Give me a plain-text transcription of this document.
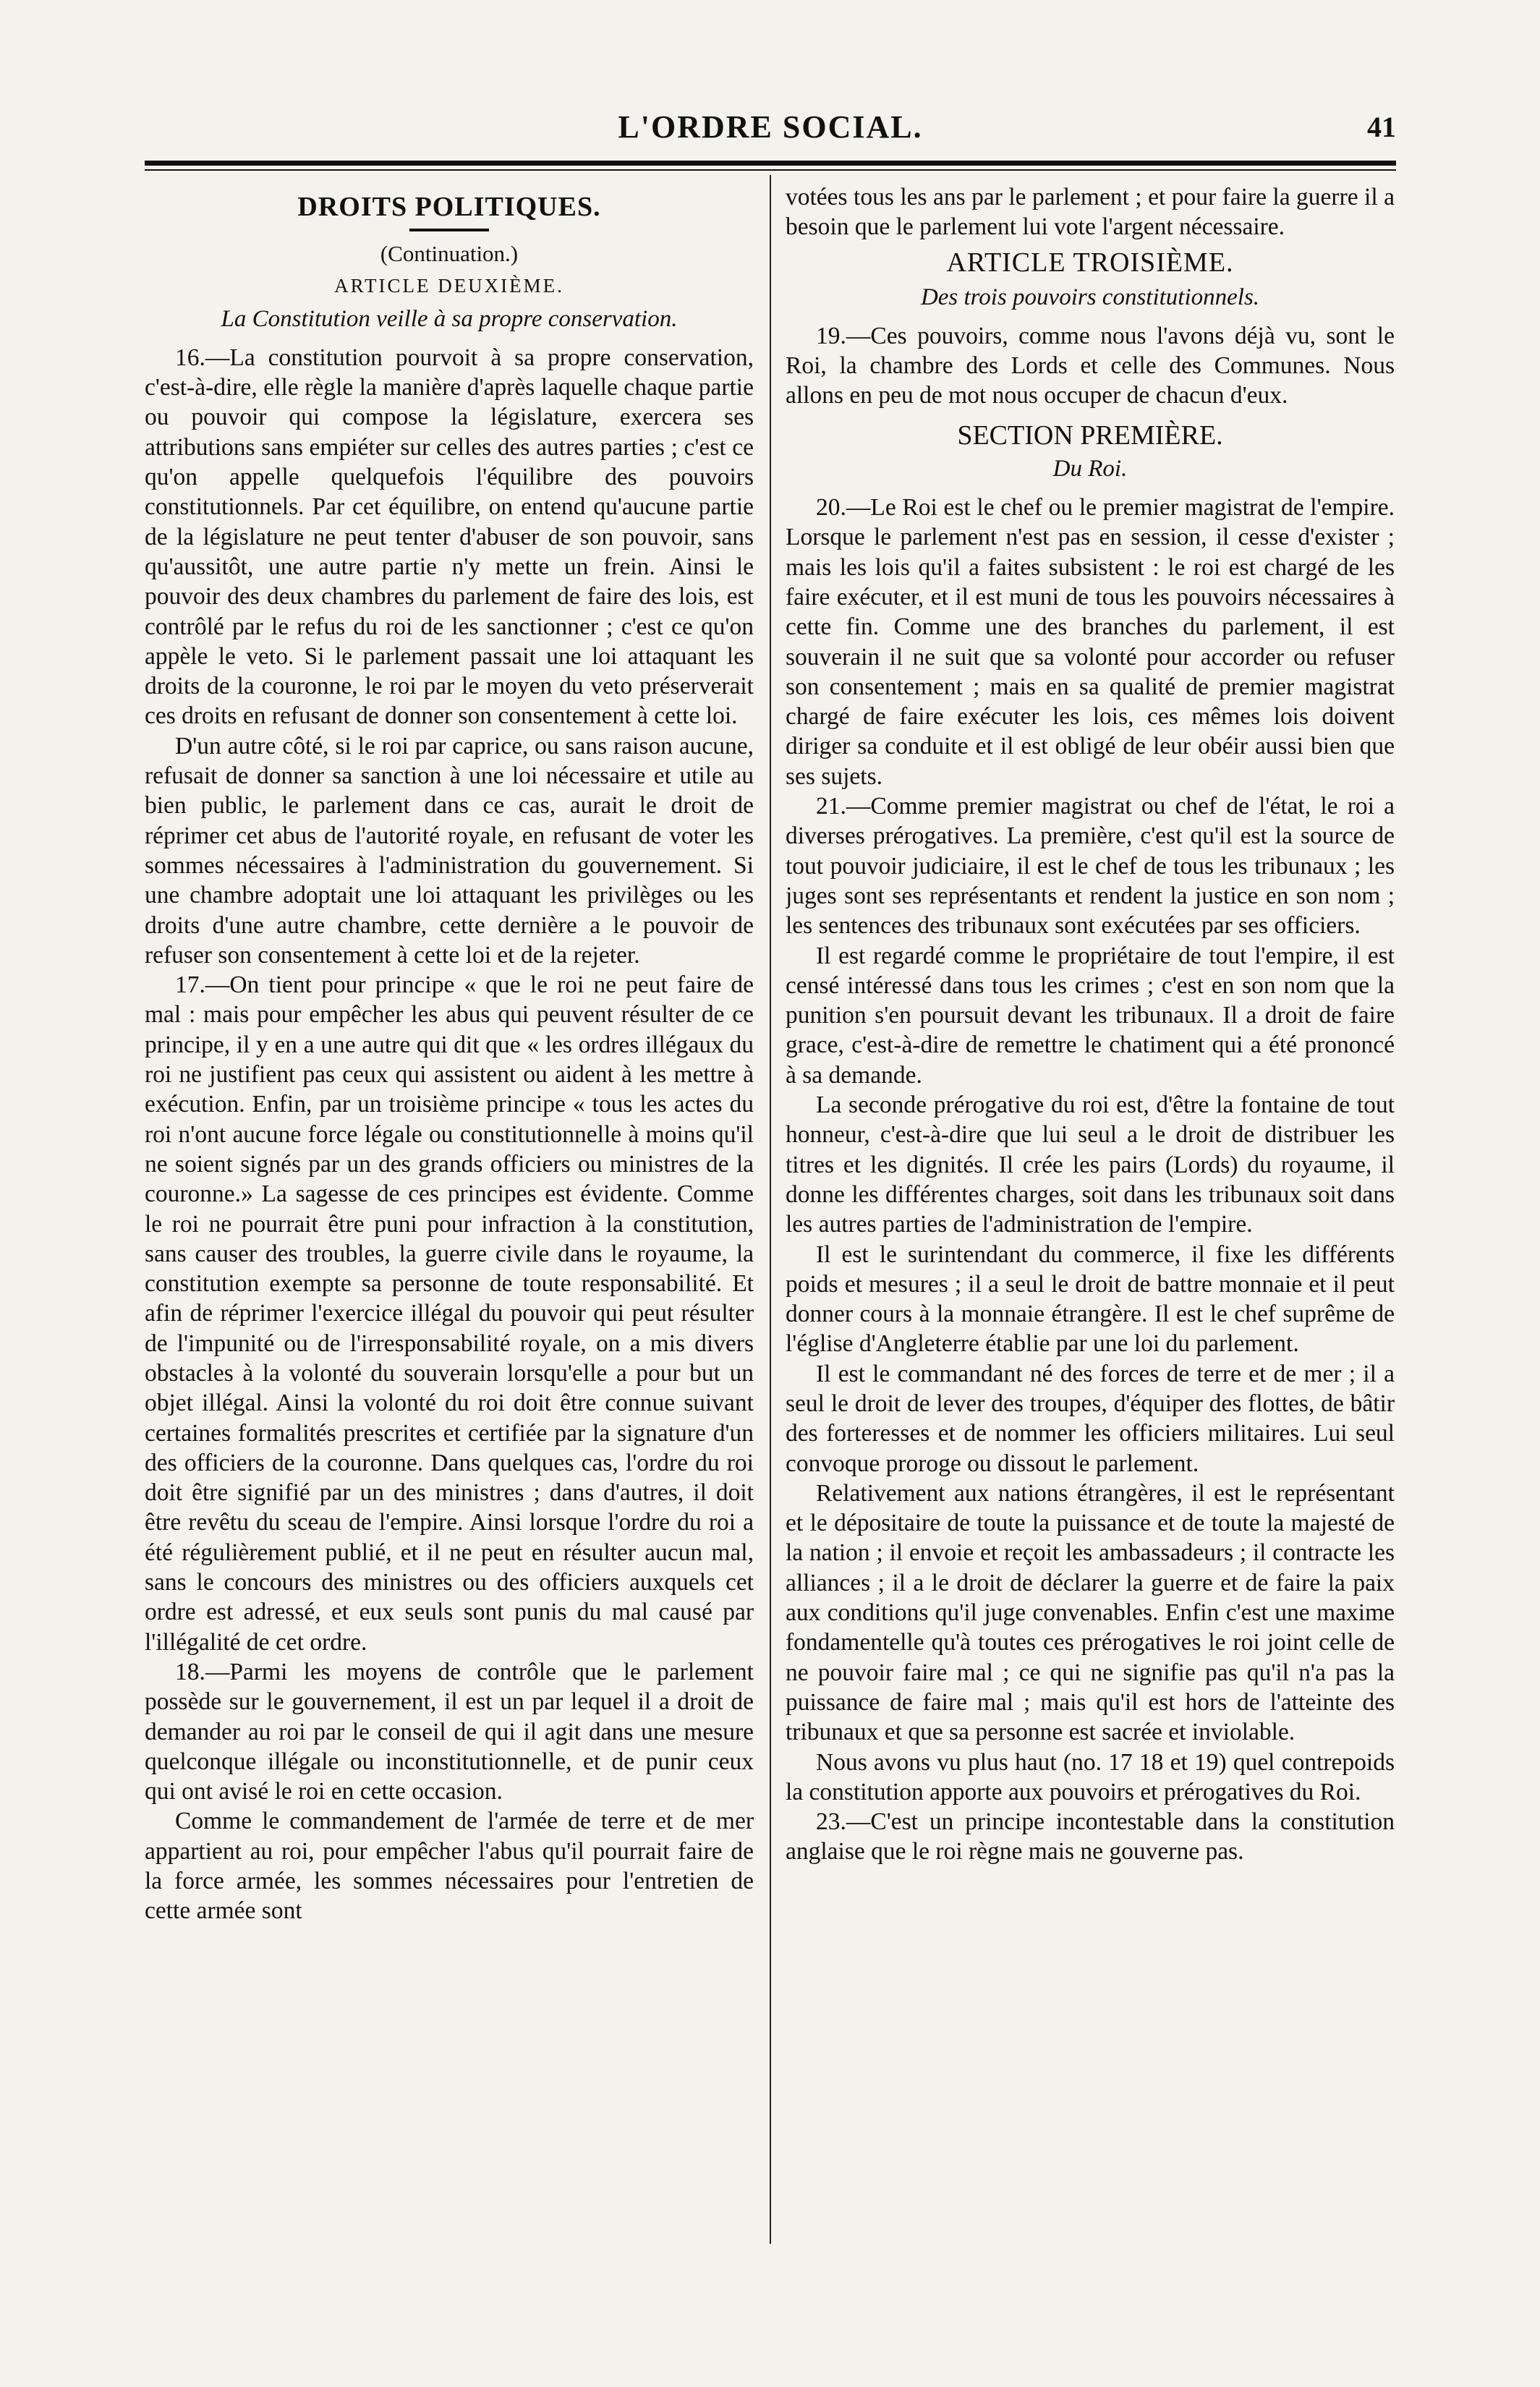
L'ORDRE SOCIAL.	41
DROITS POLITIQUES.

(Continuation.)

ARTICLE DEUXIÈME.

La Constitution veille à sa propre conservation.

16.—La constitution pourvoit à sa propre conservation, c'est-à-dire, elle règle la manière d'après laquelle chaque partie ou pouvoir qui compose la législature, exercera ses attributions sans empiéter sur celles des autres parties ; c'est ce qu'on appelle quelquefois l'équilibre des pouvoirs constitutionnels. Par cet équilibre, on entend qu'aucune partie de la législature ne peut tenter d'abuser de son pouvoir, sans qu'aussitôt, une autre partie n'y mette un frein. Ainsi le pouvoir des deux chambres du parlement de faire des lois, est contrôlé par le refus du roi de les sanctionner ; c'est ce qu'on appèle le veto. Si le parlement passait une loi attaquant les droits de la couronne, le roi par le moyen du veto préserverait ces droits en refusant de donner son consentement à cette loi.

D'un autre côté, si le roi par caprice, ou sans raison aucune, refusait de donner sa sanction à une loi nécessaire et utile au bien public, le parlement dans ce cas, aurait le droit de réprimer cet abus de l'autorité royale, en refusant de voter les sommes nécessaires à l'administration du gouvernement. Si une chambre adoptait une loi attaquant les privilèges ou les droits d'une autre chambre, cette dernière a le pouvoir de refuser son consentement à cette loi et de la rejeter.

17.—On tient pour principe « que le roi ne peut faire de mal : mais pour empêcher les abus qui peuvent résulter de ce principe, il y en a une autre qui dit que « les ordres illégaux du roi ne justifient pas ceux qui assistent ou aident à les mettre à exécution. Enfin, par un troisième principe « tous les actes du roi n'ont aucune force légale ou constitutionnelle à moins qu'il ne soient signés par un des grands officiers ou ministres de la couronne.» La sagesse de ces principes est évidente. Comme le roi ne pourrait être puni pour infraction à la constitution, sans causer des troubles, la guerre civile dans le royaume, la constitution exempte sa personne de toute responsabilité. Et afin de réprimer l'exercice illégal du pouvoir qui peut résulter de l'impunité ou de l'irresponsabilité royale, on a mis divers obstacles à la volonté du souverain lorsqu'elle a pour but un objet illégal. Ainsi la volonté du roi doit être connue suivant certaines formalités prescrites et certifiée par la signature d'un des officiers de la couronne. Dans quelques cas, l'ordre du roi doit être signifié par un des ministres ; dans d'autres, il doit être revêtu du sceau de l'empire. Ainsi lorsque l'ordre du roi a été régulièrement publié, et il ne peut en résulter aucun mal, sans le concours des ministres ou des officiers auxquels cet ordre est adressé, et eux seuls sont punis du mal causé par l'illégalité de cet ordre.

18.—Parmi les moyens de contrôle que le parlement possède sur le gouvernement, il est un par lequel il a droit de demander au roi par le conseil de qui il agit dans une mesure quelconque illégale ou inconstitutionnelle, et de punir ceux qui ont avisé le roi en cette occasion.

Comme le commandement de l'armée de terre et de mer appartient au roi, pour empêcher l'abus qu'il pourrait faire de la force armée, les sommes nécessaires pour l'entretien de cette armée sont

votées tous les ans par le parlement ; et pour faire la guerre il a besoin que le parlement lui vote l'argent nécessaire.

ARTICLE TROISIÈME.

Des trois pouvoirs constitutionnels.

19.—Ces pouvoirs, comme nous l'avons déjà vu, sont le Roi, la chambre des Lords et celle des Communes. Nous allons en peu de mot nous occuper de chacun d'eux.

SECTION PREMIÈRE.

Du Roi.

20.—Le Roi est le chef ou le premier magistrat de l'empire. Lorsque le parlement n'est pas en session, il cesse d'exister ; mais les lois qu'il a faites subsistent : le roi est chargé de les faire exécuter, et il est muni de tous les pouvoirs nécessaires à cette fin. Comme une des branches du parlement, il est souverain il ne suit que sa volonté pour accorder ou refuser son consentement ; mais en sa qualité de premier magistrat chargé de faire exécuter les lois, ces mêmes lois doivent diriger sa conduite et il est obligé de leur obéir aussi bien que ses sujets.

21.—Comme premier magistrat ou chef de l'état, le roi a diverses prérogatives. La première, c'est qu'il est la source de tout pouvoir judiciaire, il est le chef de tous les tribunaux ; les juges sont ses représentants et rendent la justice en son nom ; les sentences des tribunaux sont exécutées par ses officiers.

Il est regardé comme le propriétaire de tout l'empire, il est censé intéressé dans tous les crimes ; c'est en son nom que la punition s'en poursuit devant les tribunaux. Il a droit de faire grace, c'est-à-dire de remettre le chatiment qui a été prononcé à sa demande.

La seconde prérogative du roi est, d'être la fontaine de tout honneur, c'est-à-dire que lui seul a le droit de distribuer les titres et les dignités. Il crée les pairs (Lords) du royaume, il donne les différentes charges, soit dans les tribunaux soit dans les autres parties de l'administration de l'empire.

Il est le surintendant du commerce, il fixe les différents poids et mesures ; il a seul le droit de battre monnaie et il peut donner cours à la monnaie étrangère. Il est le chef suprême de l'église d'Angleterre établie par une loi du parlement.

Il est le commandant né des forces de terre et de mer ; il a seul le droit de lever des troupes, d'équiper des flottes, de bâtir des forteresses et de nommer les officiers militaires. Lui seul convoque proroge ou dissout le parlement.

Relativement aux nations étrangères, il est le représentant et le dépositaire de toute la puissance et de toute la majesté de la nation ; il envoie et reçoit les ambassadeurs ; il contracte les alliances ; il a le droit de déclarer la guerre et de faire la paix aux conditions qu'il juge convenables. Enfin c'est une maxime fondamentelle qu'à toutes ces prérogatives le roi joint celle de ne pouvoir faire mal ; ce qui ne signifie pas qu'il n'a pas la puissance de faire mal ; mais qu'il est hors de l'atteinte des tribunaux et que sa personne est sacrée et inviolable.

Nous avons vu plus haut (no. 17 18 et 19) quel contrepoids la constitution apporte aux pouvoirs et prérogatives du Roi.

23.—C'est un principe incontestable dans la constitution anglaise que le roi règne mais ne gouverne pas.
